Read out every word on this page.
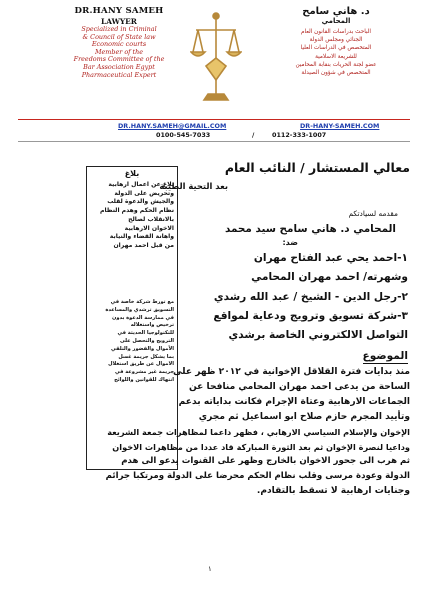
DR.HANY SAMEH
LAWYER
Specialized in Criminal
& Council of State law
Economic courts
Member of the
Freedoms Committee of the
Bar Association Egypt
Pharmaceutical Expert
د. هاني سامح
المحامي
الباحث بدراسات القانون العام
الجنائي ومجلس الدولة
المتخصص في الدراسات العليا
للشريعة الاسلامية
عضو لجنة الحريات بنقابة المحامين
المتخصص في شؤون الصيدلة
DR.HANY.SAMEH@GMAIL.COM	DR-HANY-SAMEH.COM
0100-545-7033	/	0112-333-1007
بلاغ
بلاغ عن اعمال ارهابية
وتحريض على الدولة
والجيش والدعوة لقلب
نظام الحكم وهدم النظام
بالانقلاب لصالح
الاخوان الارهابية
واهانة القضاء والنيابة
من قبل احمد مهران
مع تورط شركة خاصة في
التسويق ترشدي والمساعدة
في ممارسة الدعوة بدون
ترخيص واستغلاله
للتكنولوجيا الحديثة في
الترويج والتحصل على
الأموال والفضور والتلقي
بما يشكل جريمة غسل
الاموال عن طريق استغلال
جريمة غير مشروعة في
انتهاك للقوانين واللوائح
معالي المستشار / النائب العام
بعد التحية الطيبة
مقدمه لسيادتكم
المحامي د. هاني سامح سيد محمد
ضد:
١-احمد يحي عبد الفتاح مهران
وشهرته/ احمد مهران المحامي
٢-رجل الدين - الشيخ / عبد الله رشدي
٣-شركة تسويق وترويج ودعاية لمواقع
التواصل الالكتروني الخاصة برشدي
الموضوع
منذ بدايات فترة القلاقل الإخوانية في ٢٠١٢ ظهر على
الساحة من يدعى احمد مهران المحامي منافحا عن
الجماعات الارهابية وعتاة الإجرام فكانت بداياته بدعم
وتأييد المجرم حازم صلاح ابو اسماعيل ثم مجري
الإخوان والإسلام السياسي الارهابي ، فظهر داعما لمظاهرات جمعة الشريعة
وداعيا لنصرة الإخوان ثم بعد الثورة المباركة قاد عددا من مظاهرات الاخوان
ثم هرب الى جحور الاخوان بالخارج وظهر على القنوات يدعو الى هدم
الدولة وعودة مرسى وقلب نظام الحكم محرضا على الدولة ومرتكبا جرائم
وجنايات ارهابية لا تسقط بالتقادم.
١
